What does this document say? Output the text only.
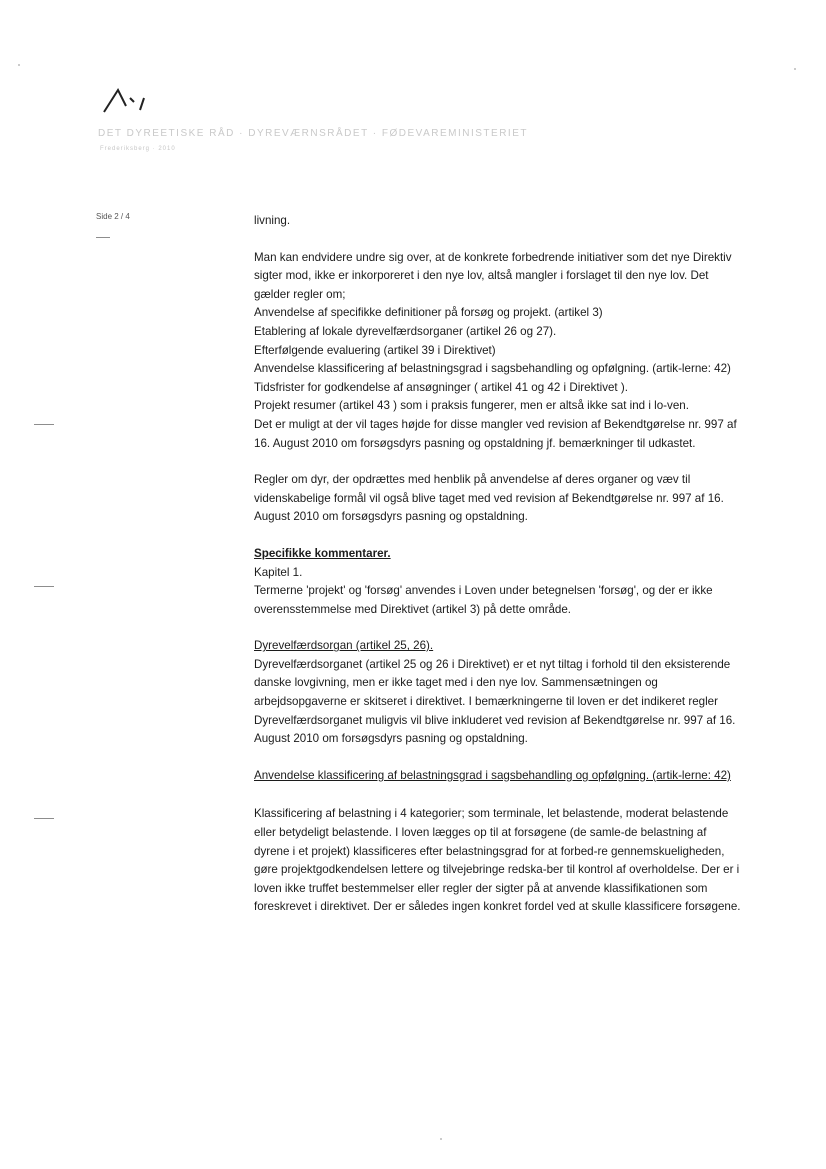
DET DYREETISKE RÅD · DYREVÆRNSRÅDET · FØDEVAREMINISTERIET
Frederiksberg · 2010
Side 2 / 4	livning.

Man kan endvidere undre sig over, at de konkrete forbedrende initiativer som det nye Direktiv sigter mod, ikke er inkorporeret i den nye lov, altså mangler i forslaget til den nye lov. Det gælder regler om;

Anvendelse af specifikke definitioner på forsøg og projekt. (artikel 3)

Etablering af lokale dyrevelfærdsorganer (artikel 26 og 27).

Efterfølgende evaluering (artikel 39 i Direktivet)

Anvendelse klassificering af belastningsgrad i sagsbehandling og opfølgning. (artik-lerne: 42)

Tidsfrister for godkendelse af ansøgninger ( artikel 41 og 42 i Direktivet ).

Projekt resumer (artikel 43 ) som i praksis fungerer, men er altså ikke sat ind i lo-ven.

Det er muligt at der vil tages højde for disse mangler ved revision af Bekendtgørelse nr. 997 af 16. August 2010 om forsøgsdyrs pasning og opstaldning jf. bemærkninger til udkastet.

Regler om dyr, der opdrættes med henblik på anvendelse af deres organer og væv til videnskabelige formål vil også blive taget med ved revision af Bekendtgørelse nr. 997 af 16. August 2010 om forsøgsdyrs pasning og opstaldning.

Specifikke kommentarer.

Kapitel 1.

Termerne 'projekt' og 'forsøg' anvendes i Loven under betegnelsen 'forsøg', og der er ikke overensstemmelse med Direktivet (artikel 3) på dette område.

Dyrevelfærdsorgan (artikel 25, 26).

Dyrevelfærdsorganet (artikel 25 og 26 i Direktivet) er et nyt tiltag i forhold til den eksisterende danske lovgivning, men er ikke taget med i den nye lov. Sammensætningen og arbejdsopgaverne er skitseret i direktivet. I bemærkningerne til loven er det indikeret regler Dyrevelfærdsorganet muligvis vil blive inkluderet ved revision af Bekendtgørelse nr. 997 af 16. August 2010 om forsøgsdyrs pasning og opstaldning.

Anvendelse klassificering af belastningsgrad i sagsbehandling og opfølgning. (artik-lerne: 42)

Klassificering af belastning i 4 kategorier; som terminale, let belastende, moderat belastende eller betydeligt belastende. I loven lægges op til at forsøgene (de samle-de belastning af dyrene i et projekt) klassificeres efter belastningsgrad for at forbed-re gennemskueligheden, gøre projektgodkendelsen lettere og tilvejebringe redska-ber til kontrol af overholdelse. Der er i loven ikke truffet bestemmelser eller regler der sigter på at anvende klassifikationen som foreskrevet i direktivet. Der er således ingen konkret fordel ved at skulle klassificere forsøgene.
